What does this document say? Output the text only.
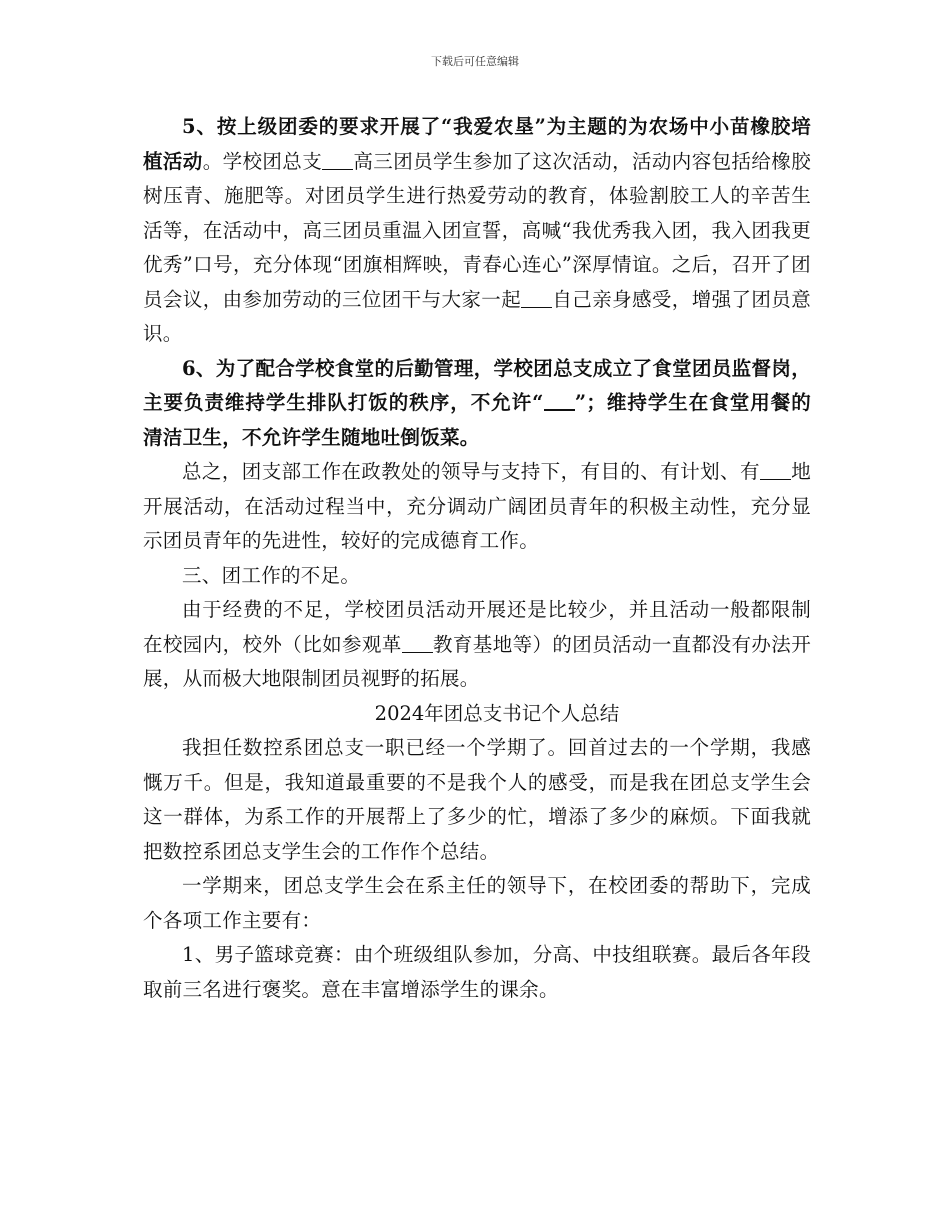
下载后可任意编辑

5、按上级团委的要求开展了“我爱农垦”为主题的为农场中小苗橡胶培植活动。学校团总支 高三团员学生参加了这次活动，活动内容包括给橡胶树压青、施肥等。对团员学生进行热爱劳动的教育，体验割胶工人的辛苦生活等，在活动中，高三团员重温入团宣誓，高喊“我优秀我入团，我入团我更优秀”口号，充分体现“团旗相辉映，青春心连心”深厚情谊。之后，召开了团员会议，由参加劳动的三位团干与大家一起 自己亲身感受，增强了团员意识。

6、为了配合学校食堂的后勤管理，学校团总支成立了食堂团员监督岗，主要负责维持学生排队打饭的秩序，不允许“ ”；维持学生在食堂用餐的清洁卫生，不允许学生随地吐倒饭菜。

总之，团支部工作在政教处的领导与支持下，有目的、有计划、有 地开展活动，在活动过程当中，充分调动广阔团员青年的积极主动性，充分显示团员青年的先进性，较好的完成德育工作。

三、团工作的不足。

由于经费的不足，学校团员活动开展还是比较少，并且活动一般都限制在校园内，校外（比如参观革 教育基地等）的团员活动一直都没有办法开展，从而极大地限制团员视野的拓展。

2024年团总支书记个人总结

我担任数控系团总支一职已经一个学期了。回首过去的一个学期，我感慨万千。但是，我知道最重要的不是我个人的感受，而是我在团总支学生会这一群体，为系工作的开展帮上了多少的忙，增添了多少的麻烦。下面我就把数控系团总支学生会的工作作个总结。

一学期来，团总支学生会在系主任的领导下，在校团委的帮助下，完成个各项工作主要有：

1、男子篮球竞赛：由个班级组队参加，分高、中技组联赛。最后各年段取前三名进行褒奖。意在丰富增添学生的课余。
